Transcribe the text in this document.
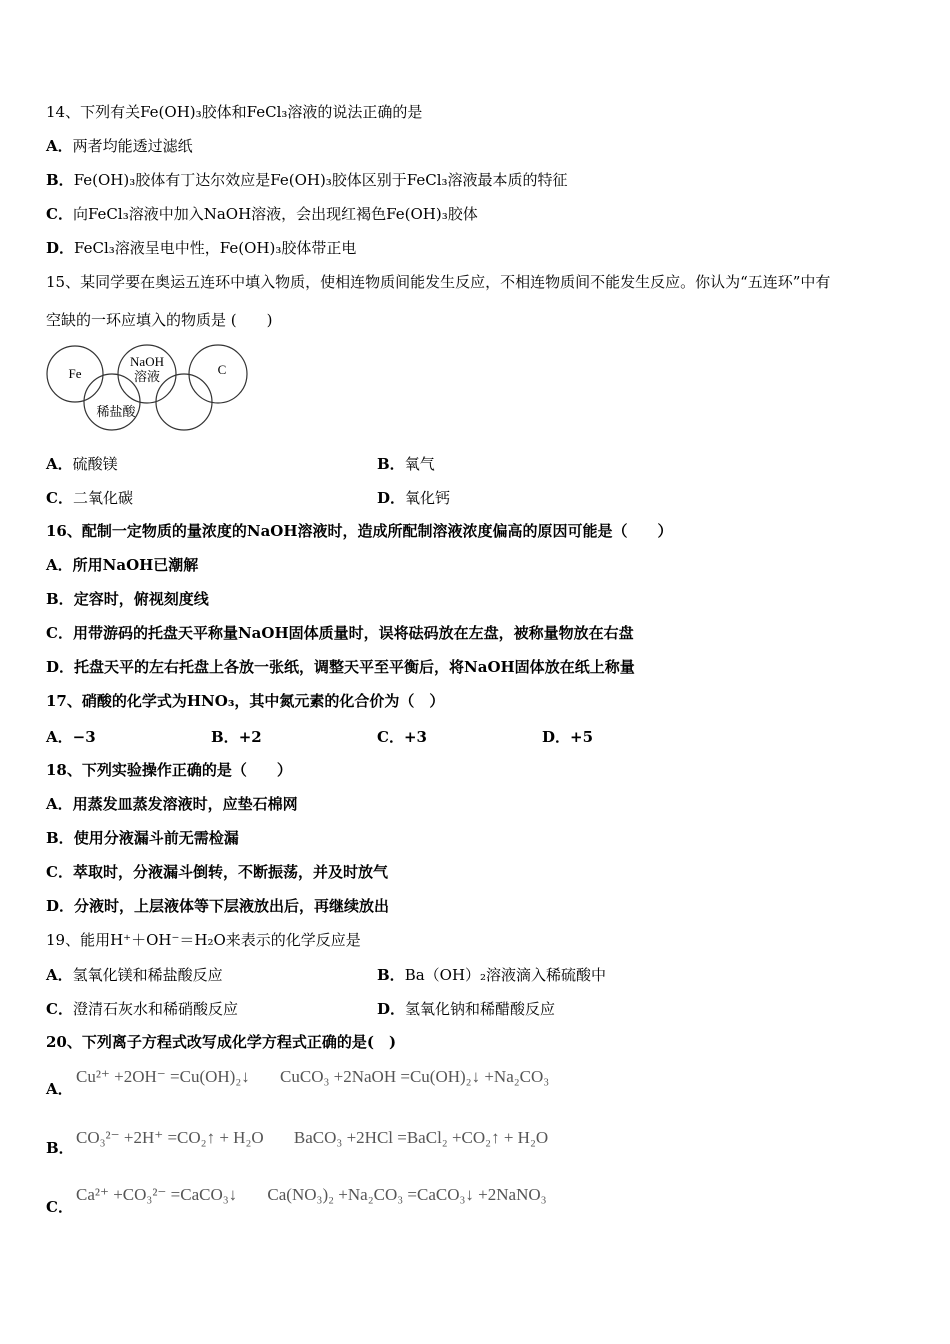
14、下列有关Fe(OH)₃胶体和FeCl₃溶液的说法正确的是
A．两者均能透过滤纸
B．Fe(OH)₃胶体有丁达尔效应是Fe(OH)₃胶体区别于FeCl₃溶液最本质的特征
C．向FeCl₃溶液中加入NaOH溶液，会出现红褐色Fe(OH)₃胶体
D．FeCl₃溶液呈电中性，Fe(OH)₃胶体带正电
15、某同学要在奥运五连环中填入物质，使相连物质间能发生反应，不相连物质间不能发生反应。你认为“五连环”中有
空缺的一环应填入的物质是 (　　)
Fe
NaOH
溶液	C
稀盐酸
A．硫酸镁	B．氧气
C．二氧化碳	D．氧化钙
16、配制一定物质的量浓度的NaOH溶液时，造成所配制溶液浓度偏高的原因可能是（　　）
A．所用NaOH已潮解
B．定容时，俯视刻度线
C．用带游码的托盘天平称量NaOH固体质量时，误将砝码放在左盘，被称量物放在右盘
D．托盘天平的左右托盘上各放一张纸，调整天平至平衡后，将NaOH固体放在纸上称量
17、硝酸的化学式为HNO₃，其中氮元素的化合价为（　）
A．−3	B．+2	C．+3	D．+5
18、下列实验操作正确的是（　　）
A．用蒸发皿蒸发溶液时，应垫石棉网
B．使用分液漏斗前无需检漏
C．萃取时，分液漏斗倒转，不断振荡，并及时放气
D．分液时，上层液体等下层液放出后，再继续放出
19、能用H⁺＋OH⁻＝H₂O来表示的化学反应是
A．氢氧化镁和稀盐酸反应	B．Ba（OH）₂溶液滴入稀硫酸中
C．澄清石灰水和稀硝酸反应	D．氢氧化钠和稀醋酸反应
20、下列离子方程式改写成化学方程式正确的是(　)
A．
Cu²⁺ +2OH⁻ =Cu(OH)₂↓ CuCO₃ +2NaOH =Cu(OH)₂↓ +Na₂CO₃
B．
CO₃²⁻ +2H⁺ =CO₂↑ + H₂O BaCO₃ +2HCl =BaCl₂ +CO₂↑ + H₂O
C．
Ca²⁺ +CO₃²⁻ =CaCO₃↓ Ca(NO₃)₂ +Na₂CO₃ =CaCO₃↓ +2NaNO₃
